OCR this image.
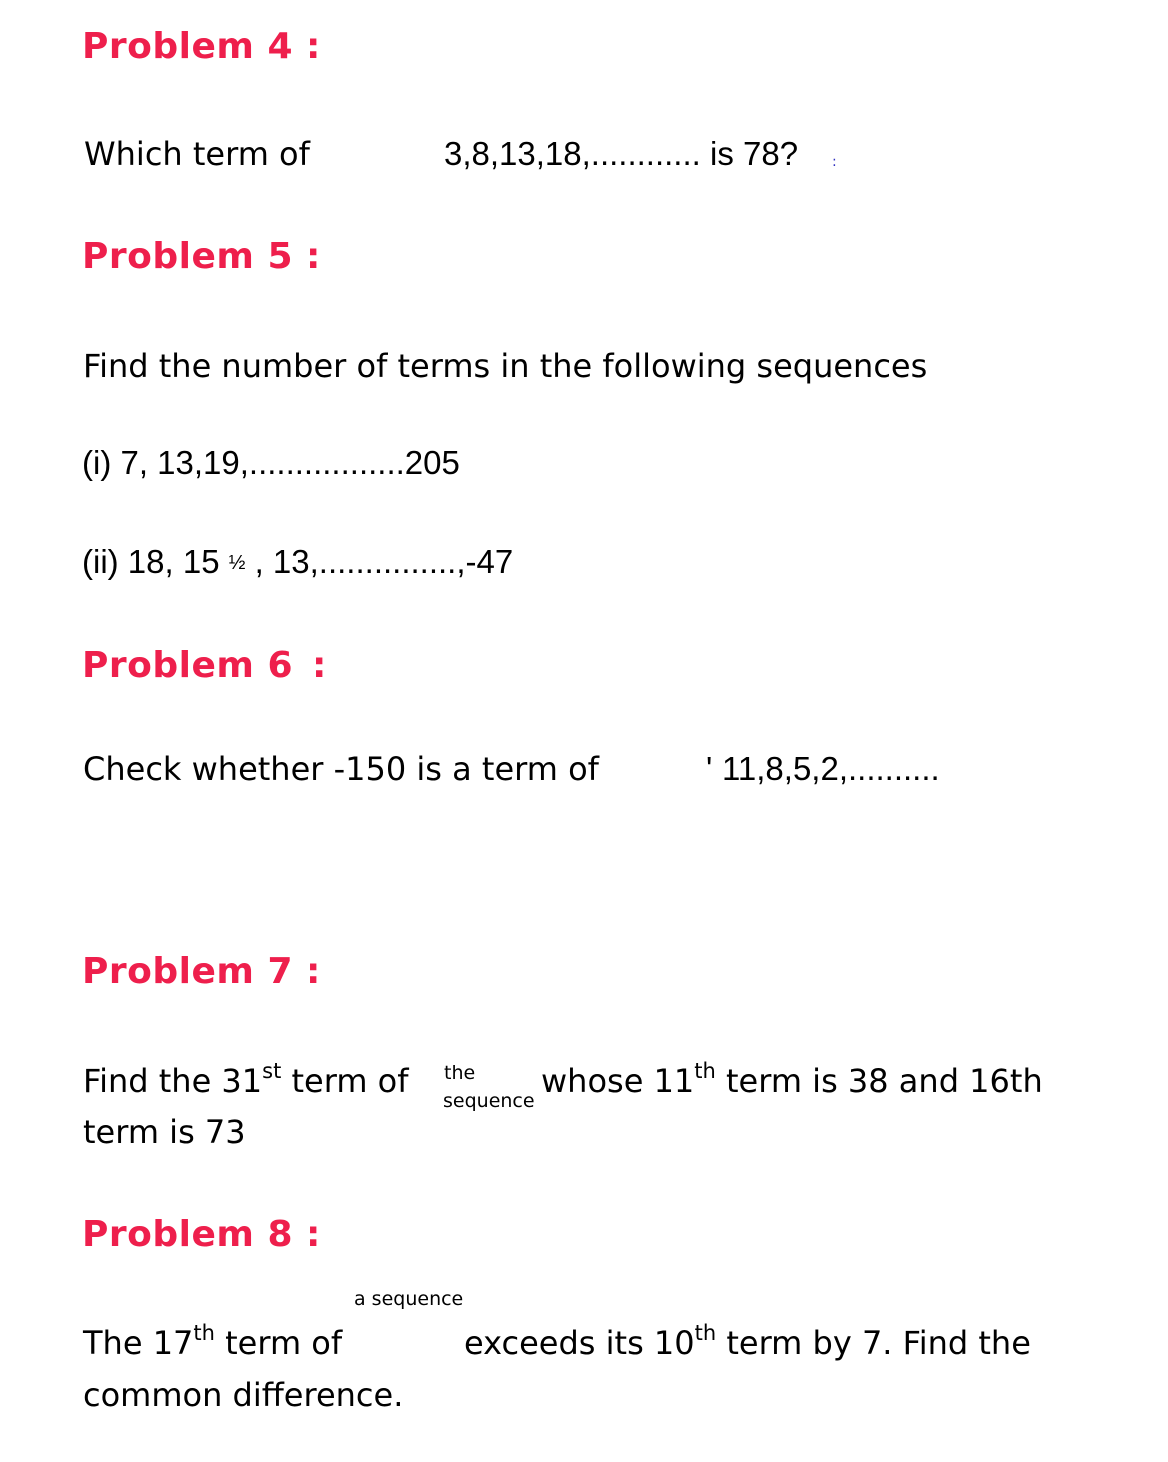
Problem 4 :
Which term of	3,8,13,18,............ is 78? :
Problem 5 :
Find the number of terms in the following sequences
(i) 7, 13,19,.................205
(ii) 18, 15 ½ , 13,...............,-47
Problem 6 :
Check whether -150 is a term of	' 11,8,5,2,..........
Problem 7 :
Find the 31st term of the
sequence
whose 11th term is 38 and 16th
term is 73
Problem 8 :
a sequence
The 17th term of	exceeds its 10th term by 7. Find the
common difference.
